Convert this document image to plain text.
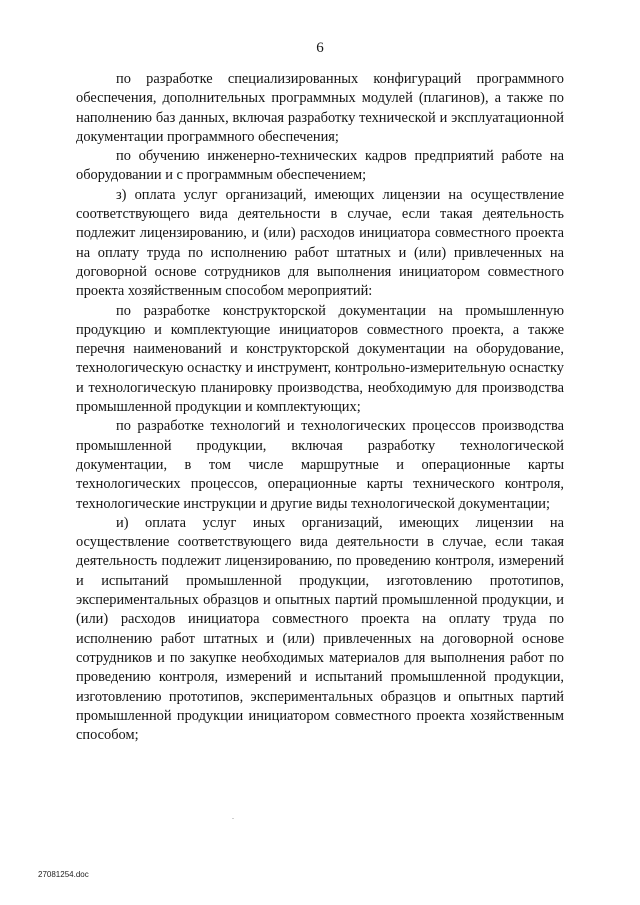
6

по разработке специализированных конфигураций программного обеспечения, дополнительных программных модулей (плагинов), а также по наполнению баз данных, включая разработку технической и эксплуатационной документации программного обеспечения;

по обучению инженерно-технических кадров предприятий работе на оборудовании и с программным обеспечением;

з) оплата услуг организаций, имеющих лицензии на осуществление соответствующего вида деятельности в случае, если такая деятельность подлежит лицензированию, и (или) расходов инициатора совместного проекта на оплату труда по исполнению работ штатных и (или) привлеченных на договорной основе сотрудников для выполнения инициатором совместного проекта хозяйственным способом мероприятий:

по разработке конструкторской документации на промышленную продукцию и комплектующие инициаторов совместного проекта, а также перечня наименований и конструкторской документации на оборудование, технологическую оснастку и инструмент, контрольно-измерительную оснастку и технологическую планировку производства, необходимую для производства промышленной продукции и комплектующих;

по разработке технологий и технологических процессов производства промышленной продукции, включая разработку технологической документации, в том числе маршрутные и операционные карты технологических процессов, операционные карты технического контроля, технологические инструкции и другие виды технологической документации;

и) оплата услуг иных организаций, имеющих лицензии на осуществление соответствующего вида деятельности в случае, если такая деятельность подлежит лицензированию, по проведению контроля, измерений и испытаний промышленной продукции, изготовлению прототипов, экспериментальных образцов и опытных партий промышленной продукции, и (или) расходов инициатора совместного проекта на оплату труда по исполнению работ штатных и (или) привлеченных на договорной основе сотрудников и по закупке необходимых материалов для выполнения работ по проведению контроля, измерений и испытаний промышленной продукции, изготовлению прототипов, экспериментальных образцов и опытных партий промышленной продукции инициатором совместного проекта хозяйственным способом;

27081254.doc
